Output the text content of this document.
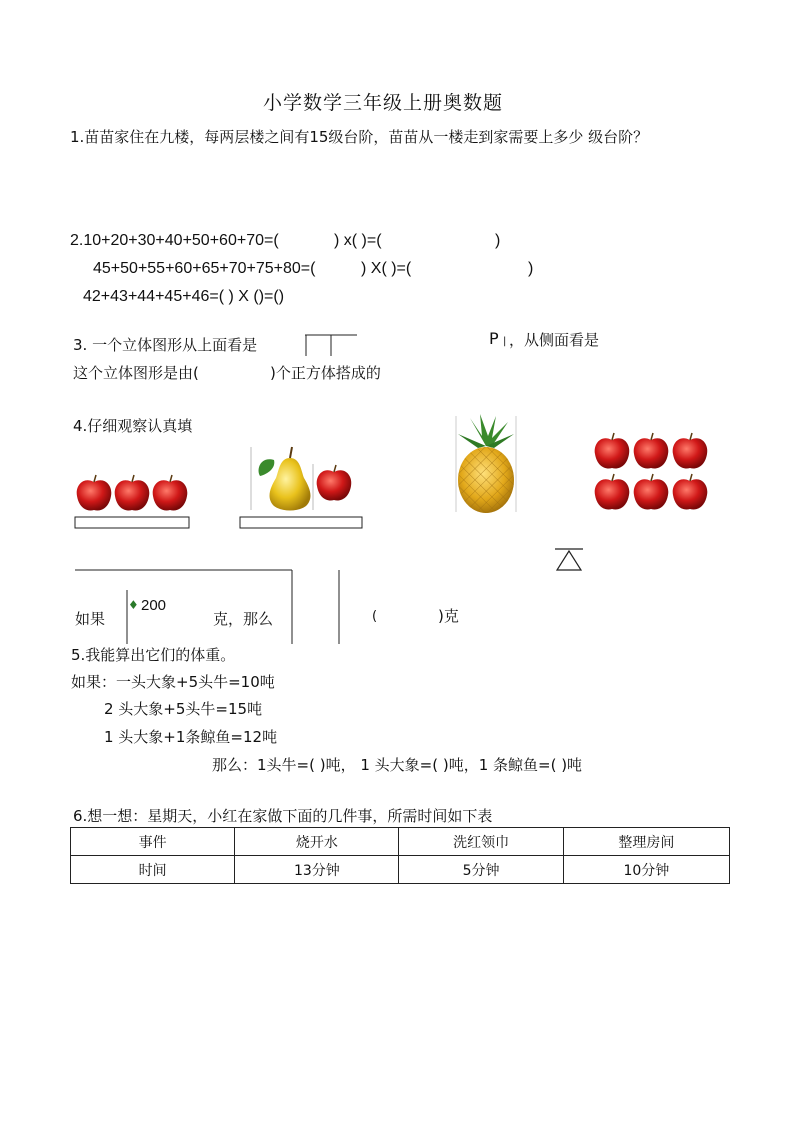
小学数学三年级上册奥数题
1.苗苗家住在九楼，每两层楼之间有15级台阶，苗苗从一楼走到家需要上多少 级台阶？
2.10+20+30+40+50+60+70=(	) x( )=(	)
45+50+55+60+65+70+75+80=(	) X( )=(	)
42+43+44+45+46=( ) X ()=()
3. 一个立体图形从上面看是	P | ，从侧面看是
这个立体图形是由(	)个正方体搭成的
4.仔细观察认真填
如果
♦ 200
克，那么	(	)克
5.我能算出它们的体重。
如果：一头大象+5头牛=10吨
2 头大象+5头牛=15吨
1 头大象+1条鲸鱼=12吨
那么：1头牛=( )吨， 1 头大象=( )吨，1 条鲸鱼=( )吨
6.想一想：星期天，小红在家做下面的几件事，所需时间如下表
事件	烧开水	洗红领巾	整理房间
时间	13分钟	5分钟	10分钟
